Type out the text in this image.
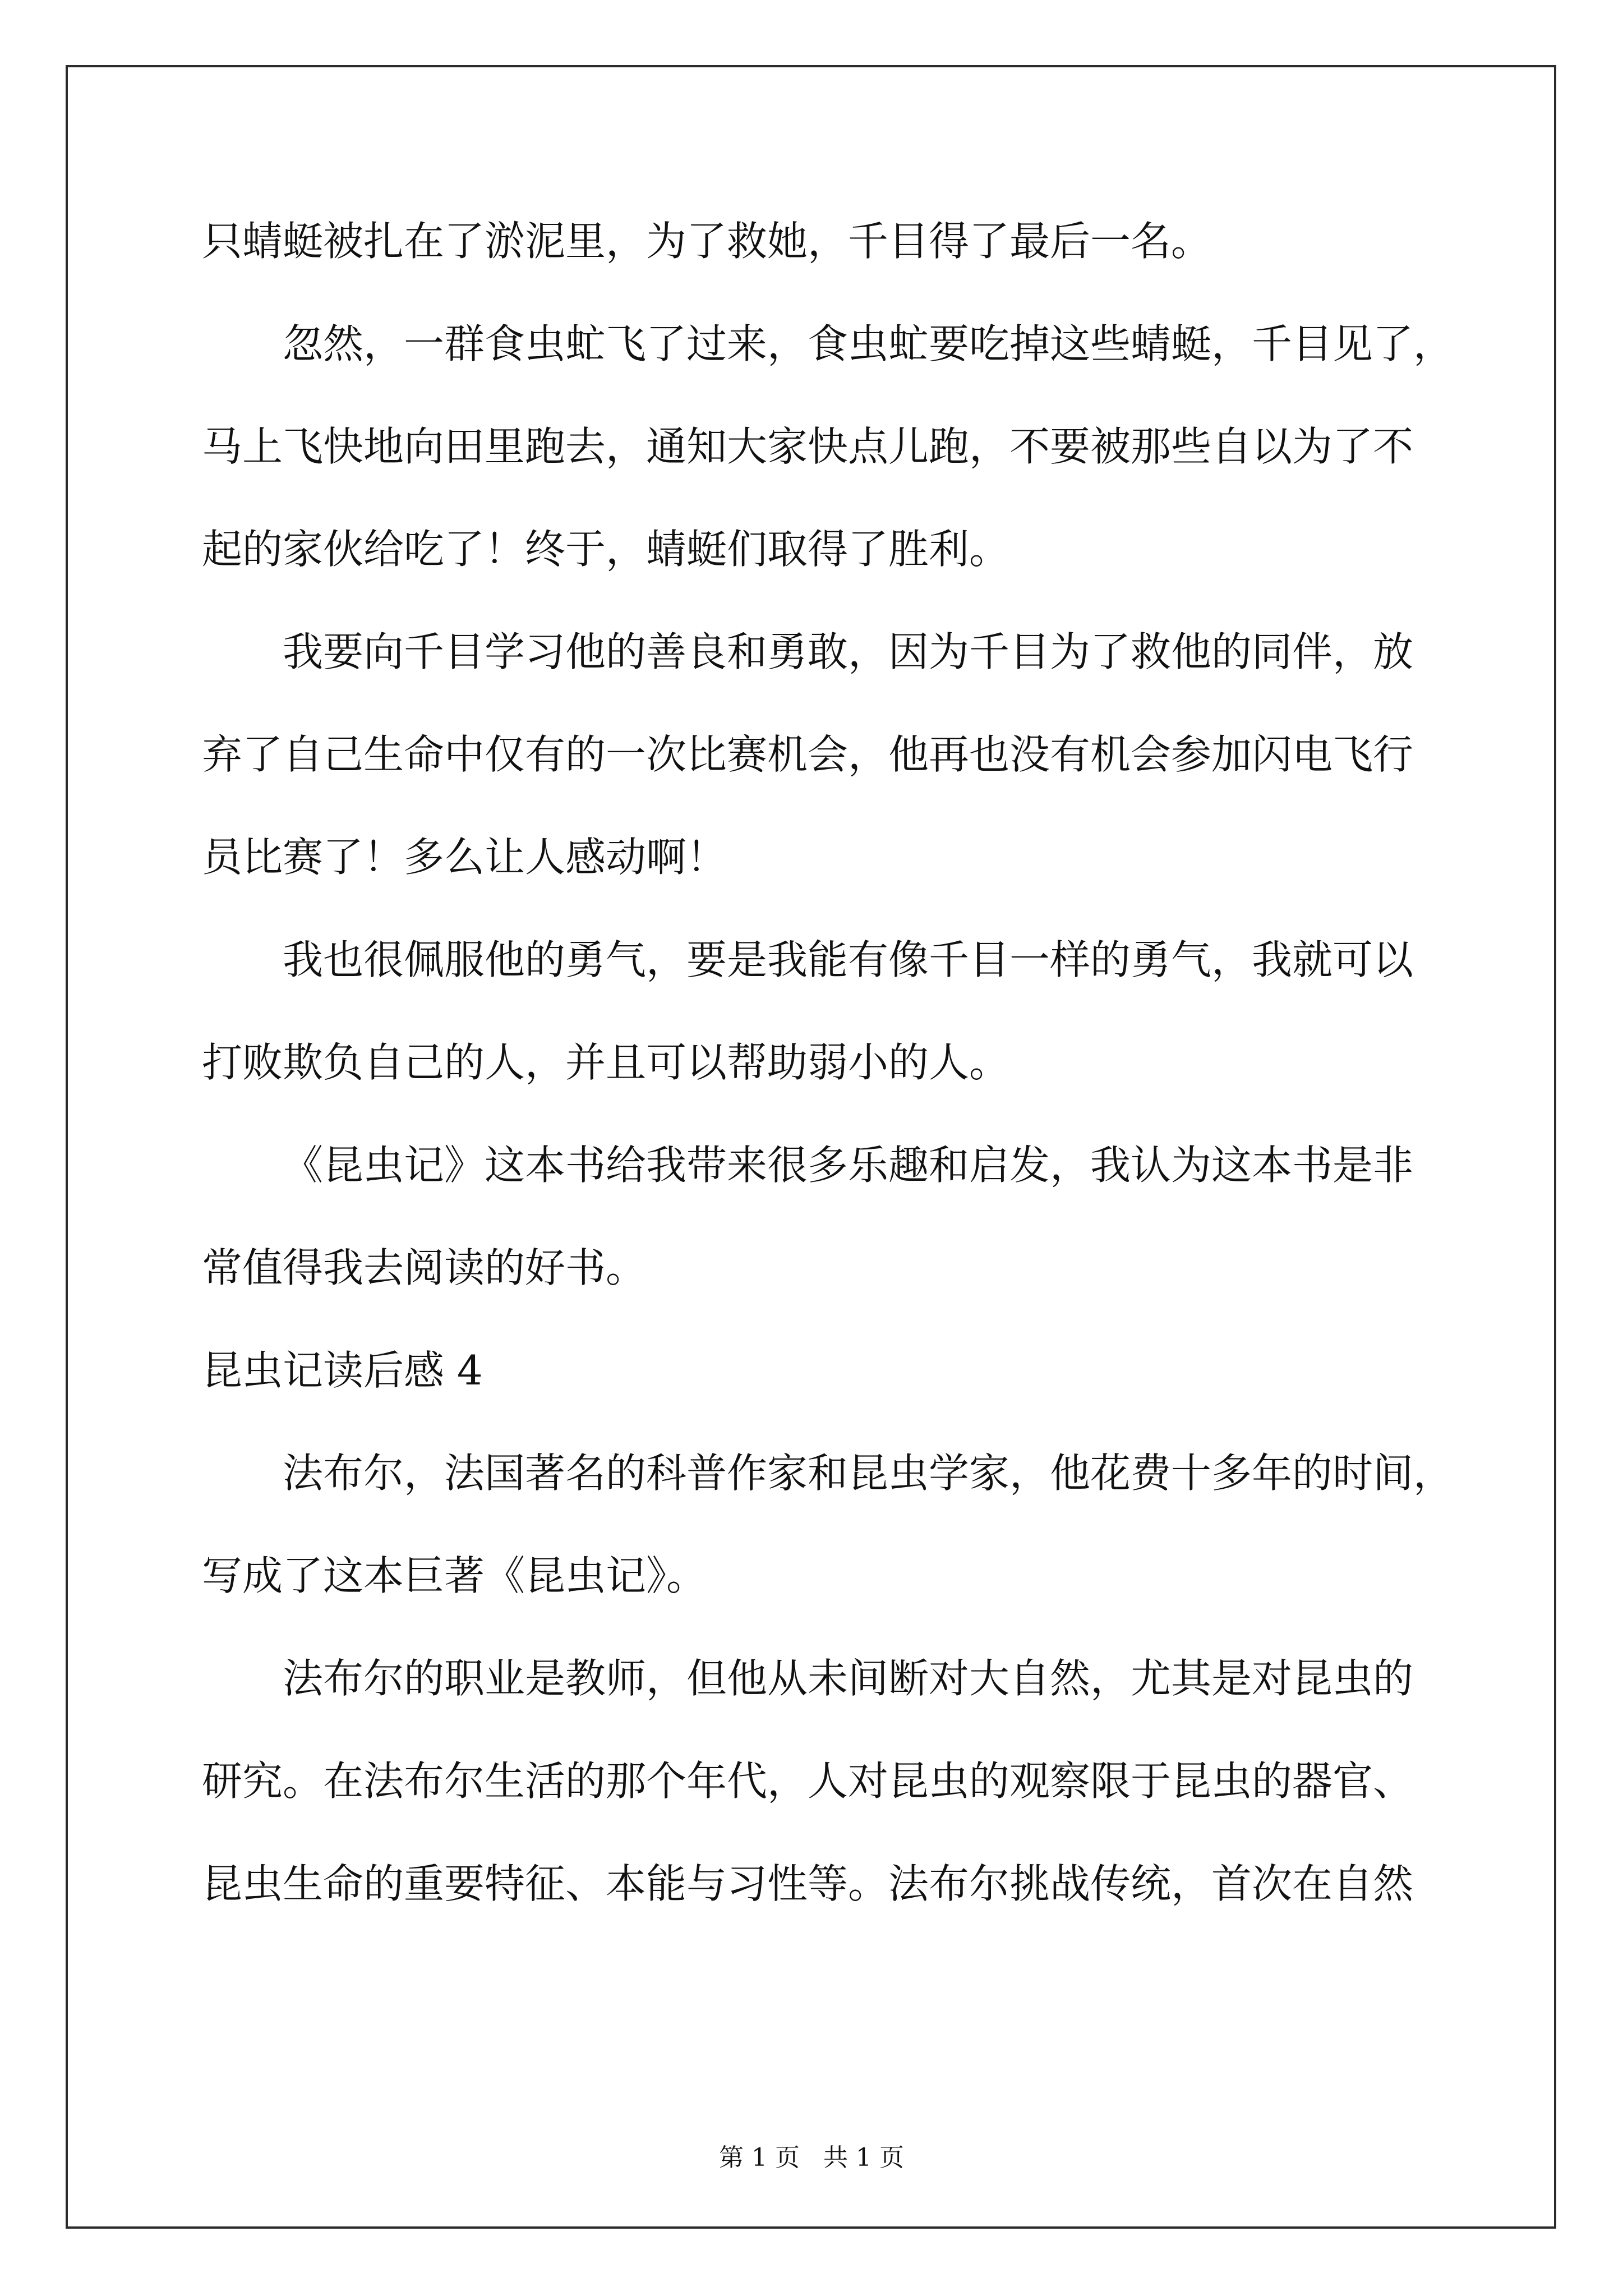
只蜻蜓被扎在了淤泥里，为了救她，千目得了最后一名。
忽然，一群食虫虻飞了过来，食虫虻要吃掉这些蜻蜓，千目见了，
马上飞快地向田里跑去，通知大家快点儿跑，不要被那些自以为了不
起的家伙给吃了！终于，蜻蜓们取得了胜利。
我要向千目学习他的善良和勇敢，因为千目为了救他的同伴，放
弃了自己生命中仅有的一次比赛机会，他再也没有机会参加闪电飞行
员比赛了！多么让人感动啊！
我也很佩服他的勇气，要是我能有像千目一样的勇气，我就可以
打败欺负自己的人，并且可以帮助弱小的人。
《昆虫记》这本书给我带来很多乐趣和启发，我认为这本书是非
常值得我去阅读的好书。
昆虫记读后感 4
法布尔，法国著名的科普作家和昆虫学家，他花费十多年的时间，
写成了这本巨著《昆虫记》。
法布尔的职业是教师，但他从未间断对大自然，尤其是对昆虫的
研究。在法布尔生活的那个年代，人对昆虫的观察限于昆虫的器官、
昆虫生命的重要特征、本能与习性等。法布尔挑战传统，首次在自然
第 1 页   共 1 页
